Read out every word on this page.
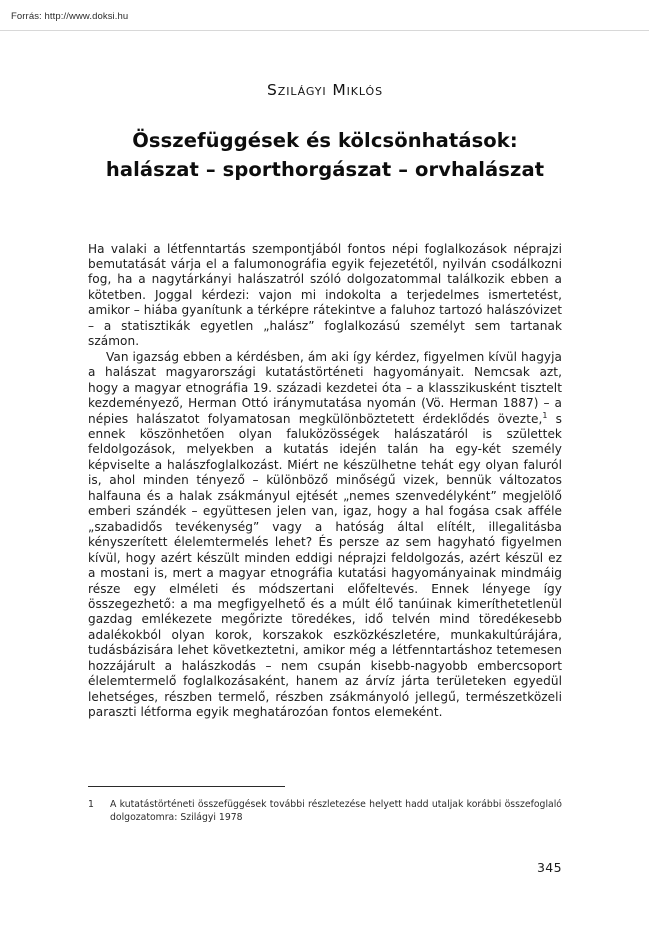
Forrás: http://www.doksi.hu
Szilágyi Miklós
Összefüggések és kölcsönhatások:
halászat – sporthorgászat – orvhalászat

Ha valaki a létfenntartás szempontjából fontos népi foglalkozások néprajzi bemutatását várja el a falumonográfia egyik fejezetétől, nyilván csodálkozni fog, ha a nagytárkányi halászatról szóló dolgozatommal találkozik ebben a kötetben. Joggal kérdezi: vajon mi indokolta a terjedelmes ismertetést, amikor – hiába gyanítunk a térképre rátekintve a faluhoz tartozó halászóvizet – a statisztikák egyetlen „halász” foglalkozású személyt sem tartanak számon.

Van igazság ebben a kérdésben, ám aki így kérdez, figyelmen kívül hagyja a halászat magyarországi kutatástörténeti hagyományait. Nemcsak azt, hogy a magyar etnográfia 19. századi kezdetei óta – a klasszikusként tisztelt kezdeményező, Herman Ottó iránymutatása nyomán (Vö. Herman 1887) – a népies halászatot folyamatosan megkülönböztetett érdeklődés övezte,$^1$ s ennek köszönhetően olyan faluközösségek halászatáról is születtek feldolgozások, melyekben a kutatás idején talán ha egy-két személy képviselte a halászfoglalkozást. Miért ne készülhetne tehát egy olyan faluról is, ahol minden tényező – különböző minőségű vizek, bennük változatos halfauna és a halak zsákmányul ejtését „nemes szenvedélyként” megjelölő emberi szándék – együttesen jelen van, igaz, hogy a hal fogása csak afféle „szabadidős tevékenység” vagy a hatóság által elítélt, illegalitásba kényszerített élelemtermelés lehet? És persze az sem hagyható figyelmen kívül, hogy azért készült minden eddigi néprajzi feldolgozás, azért készül ez a mostani is, mert a magyar etnográfia kutatási hagyományainak mindmáig része egy elméleti és módszertani előfeltevés. Ennek lényege így összegezhető: a ma megfigyelhető és a múlt élő tanúinak kimeríthetetlenül gazdag emlékezete megőrizte töredékes, idő telvén mind töredékesebb adalékokból olyan korok, korszakok eszközkészletére, munkakultúrájára, tudásbázisára lehet következtetni, amikor még a létfenntartáshoz tetemesen hozzájárult a halászkodás – nem csupán kisebb-nagyobb embercsoport élelemtermelő foglalkozásaként, hanem az árvíz járta területeken egyedül lehetséges, részben termelő, részben zsákmányoló jellegű, természetközeli paraszti létforma egyik meghatározóan fontos elemeként.

1	A kutatástörténeti összefüggések további részletezése helyett hadd utaljak korábbi összefoglaló dolgozatomra: Szilágyi 1978
345
